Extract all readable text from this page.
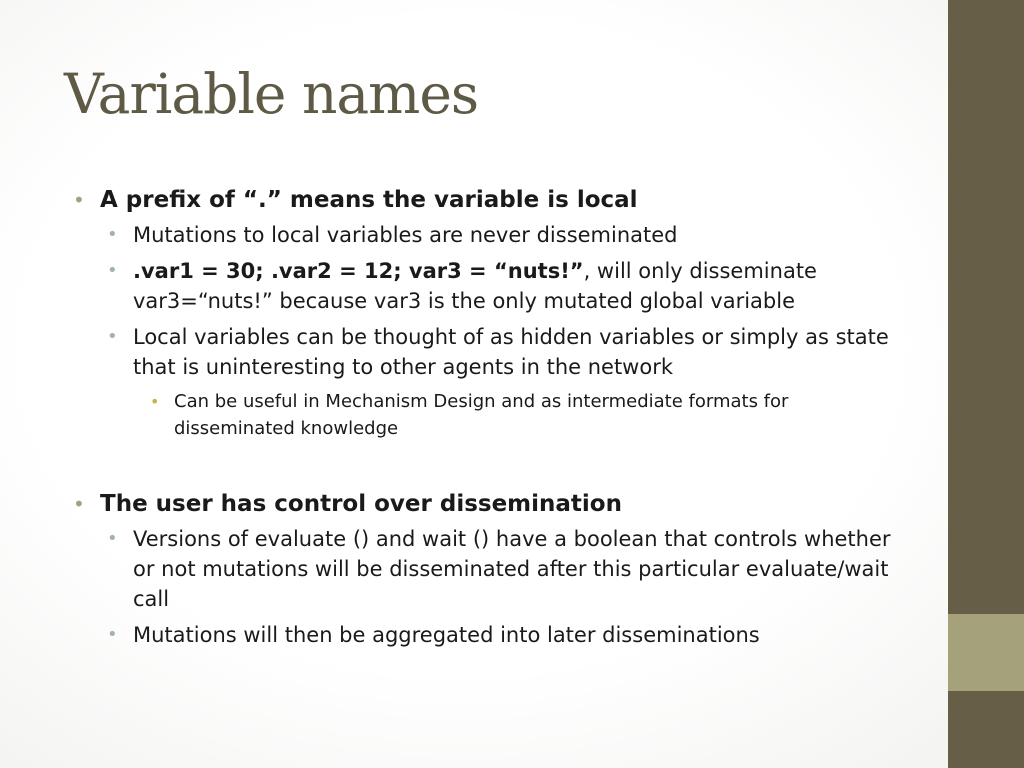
Variable names
• A prefix of “.” means the variable is local
• Mutations to local variables are never disseminated
• .var1 = 30; .var2 = 12; var3 = “nuts!”, will only disseminate var3=“nuts!” because var3 is the only mutated global variable
• Local variables can be thought of as hidden variables or simply as state that is uninteresting to other agents in the network
• Can be useful in Mechanism Design and as intermediate formats for disseminated knowledge
• The user has control over dissemination
• Versions of evaluate () and wait () have a boolean that controls whether or not mutations will be disseminated after this particular evaluate/wait call
• Mutations will then be aggregated into later disseminations
